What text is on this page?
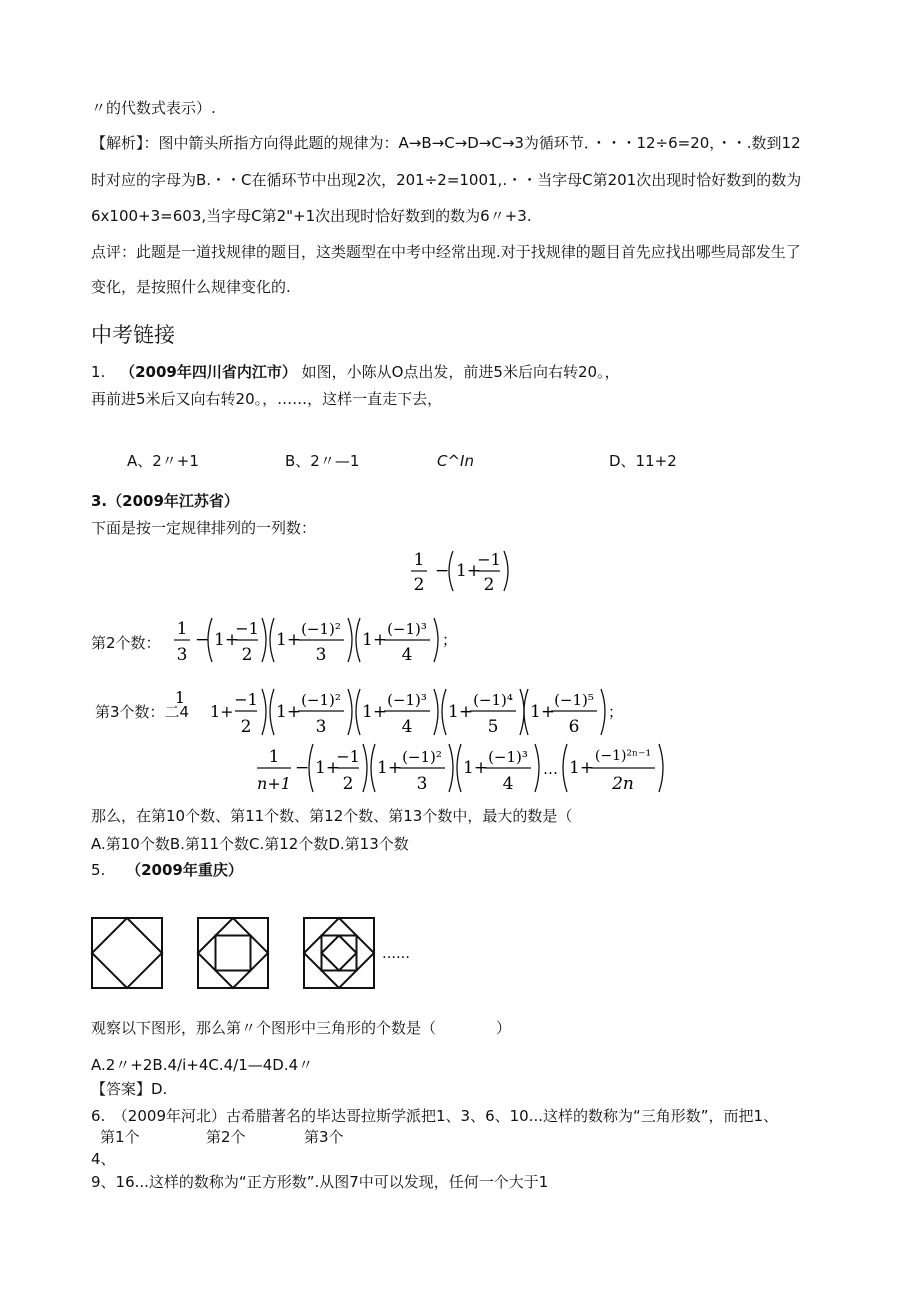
〃的代数式表示）.
【解析】：图中箭头所指方向得此题的规律为：A→B→C→D→C→3为循环节．・・・12÷6=20，・・.数到12
时对应的字母为B.・・C在循环节中出现2次，201÷2=1001,.・・当字母C第201次出现时恰好数到的数为
6x100+3=603,当字母C第2"+1次出现时恰好数到的数为6〃+3.
点评：此题是一道找规律的题目，这类题型在中考中经常出现.对于找规律的题目首先应找出哪些局部发生了
变化，是按照什么规律变化的.
中考链接
1. （2009年四川省内江市） 如图，小陈从O点出发，前进5米后向右转20。，
再前进5米后又向右转20。，……，这样一直走下去，
A、2〃+1	B、2〃—1	C^In	D、11+2
3.（2009年江苏省）
下面是按一定规律排列的一列数：
1
2
− 1+
−1
2
第2个数：
1
3
− 1+
−1
2
1+
(−1)²
3
1+
(−1)³
4
；
第3个数：二4
1
1+
−1
2
1+
(−1)²
3
1+
(−1)³
4
1+
(−1)⁴
5
1+
(−1)⁵
6
；
1
n+1
− 1+
−1
2
1+
(−1)²
3
1+
(−1)³
4
… 1+
(−1)²ⁿ⁻¹
2n
那么，在第10个数、第11个数、第12个数、第13个数中，最大的数是（
A.第10个数B.第11个数C.第12个数D.第13个数
5. （2009年重庆）
……
观察以下图形，那么第〃个图形中三角形的个数是（　　　　）
A.2〃+2B.4∕i+4C.4/1—4D.4〃
【答案】D.
6.　（2009年河北）古希腊著名的毕达哥拉斯学派把1、3、6、10...这样的数称为“三角形数”，而把1、
第1个	第2个	第3个
4、
9、16...这样的数称为“正方形数”.从图7中可以发现，任何一个大于1
